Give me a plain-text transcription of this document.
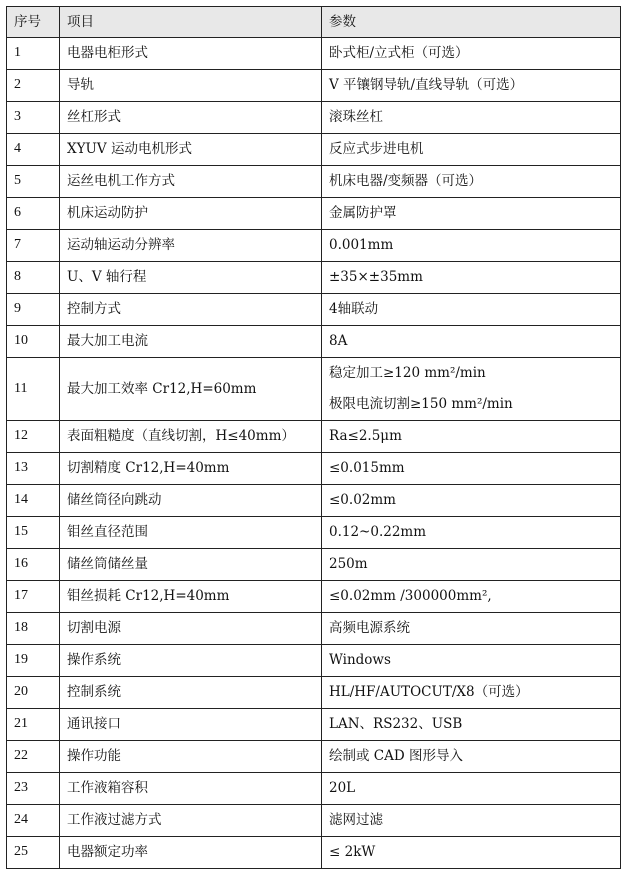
序号	项目	参数
1	电器电柜形式	卧式柜/立式柜（可选）
2	导轨	V 平镶钢导轨/直线导轨（可选）
3	丝杠形式	滚珠丝杠
4	XYUV 运动电机形式	反应式步进电机
5	运丝电机工作方式	机床电器/变频器（可选）
6	机床运动防护	金属防护罩
7	运动轴运动分辨率	0.001mm
8	U、V 轴行程	±35×±35mm
9	控制方式	4轴联动
10	最大加工电流	8A
11	最大加工效率 Cr12,H=60mm	稳定加工≥120 mm²/min
极限电流切割≥150 mm²/min

12	表面粗糙度（直线切割，H≤40mm）	Ra≤2.5μm
13	切割精度 Cr12,H=40mm	≤0.015mm
14	储丝筒径向跳动	≤0.02mm
15	钼丝直径范围	0.12~0.22mm
16	储丝筒储丝量	250m
17	钼丝损耗 Cr12,H=40mm	≤0.02mm /300000mm²,
18	切割电源	高频电源系统
19	操作系统	Windows
20	控制系统	HL/HF/AUTOCUT/X8（可选）
21	通讯接口	LAN、RS232、USB
22	操作功能	绘制或 CAD 图形导入
23	工作液箱容积	20L
24	工作液过滤方式	滤网过滤
25	电器额定功率	≤ 2kW
